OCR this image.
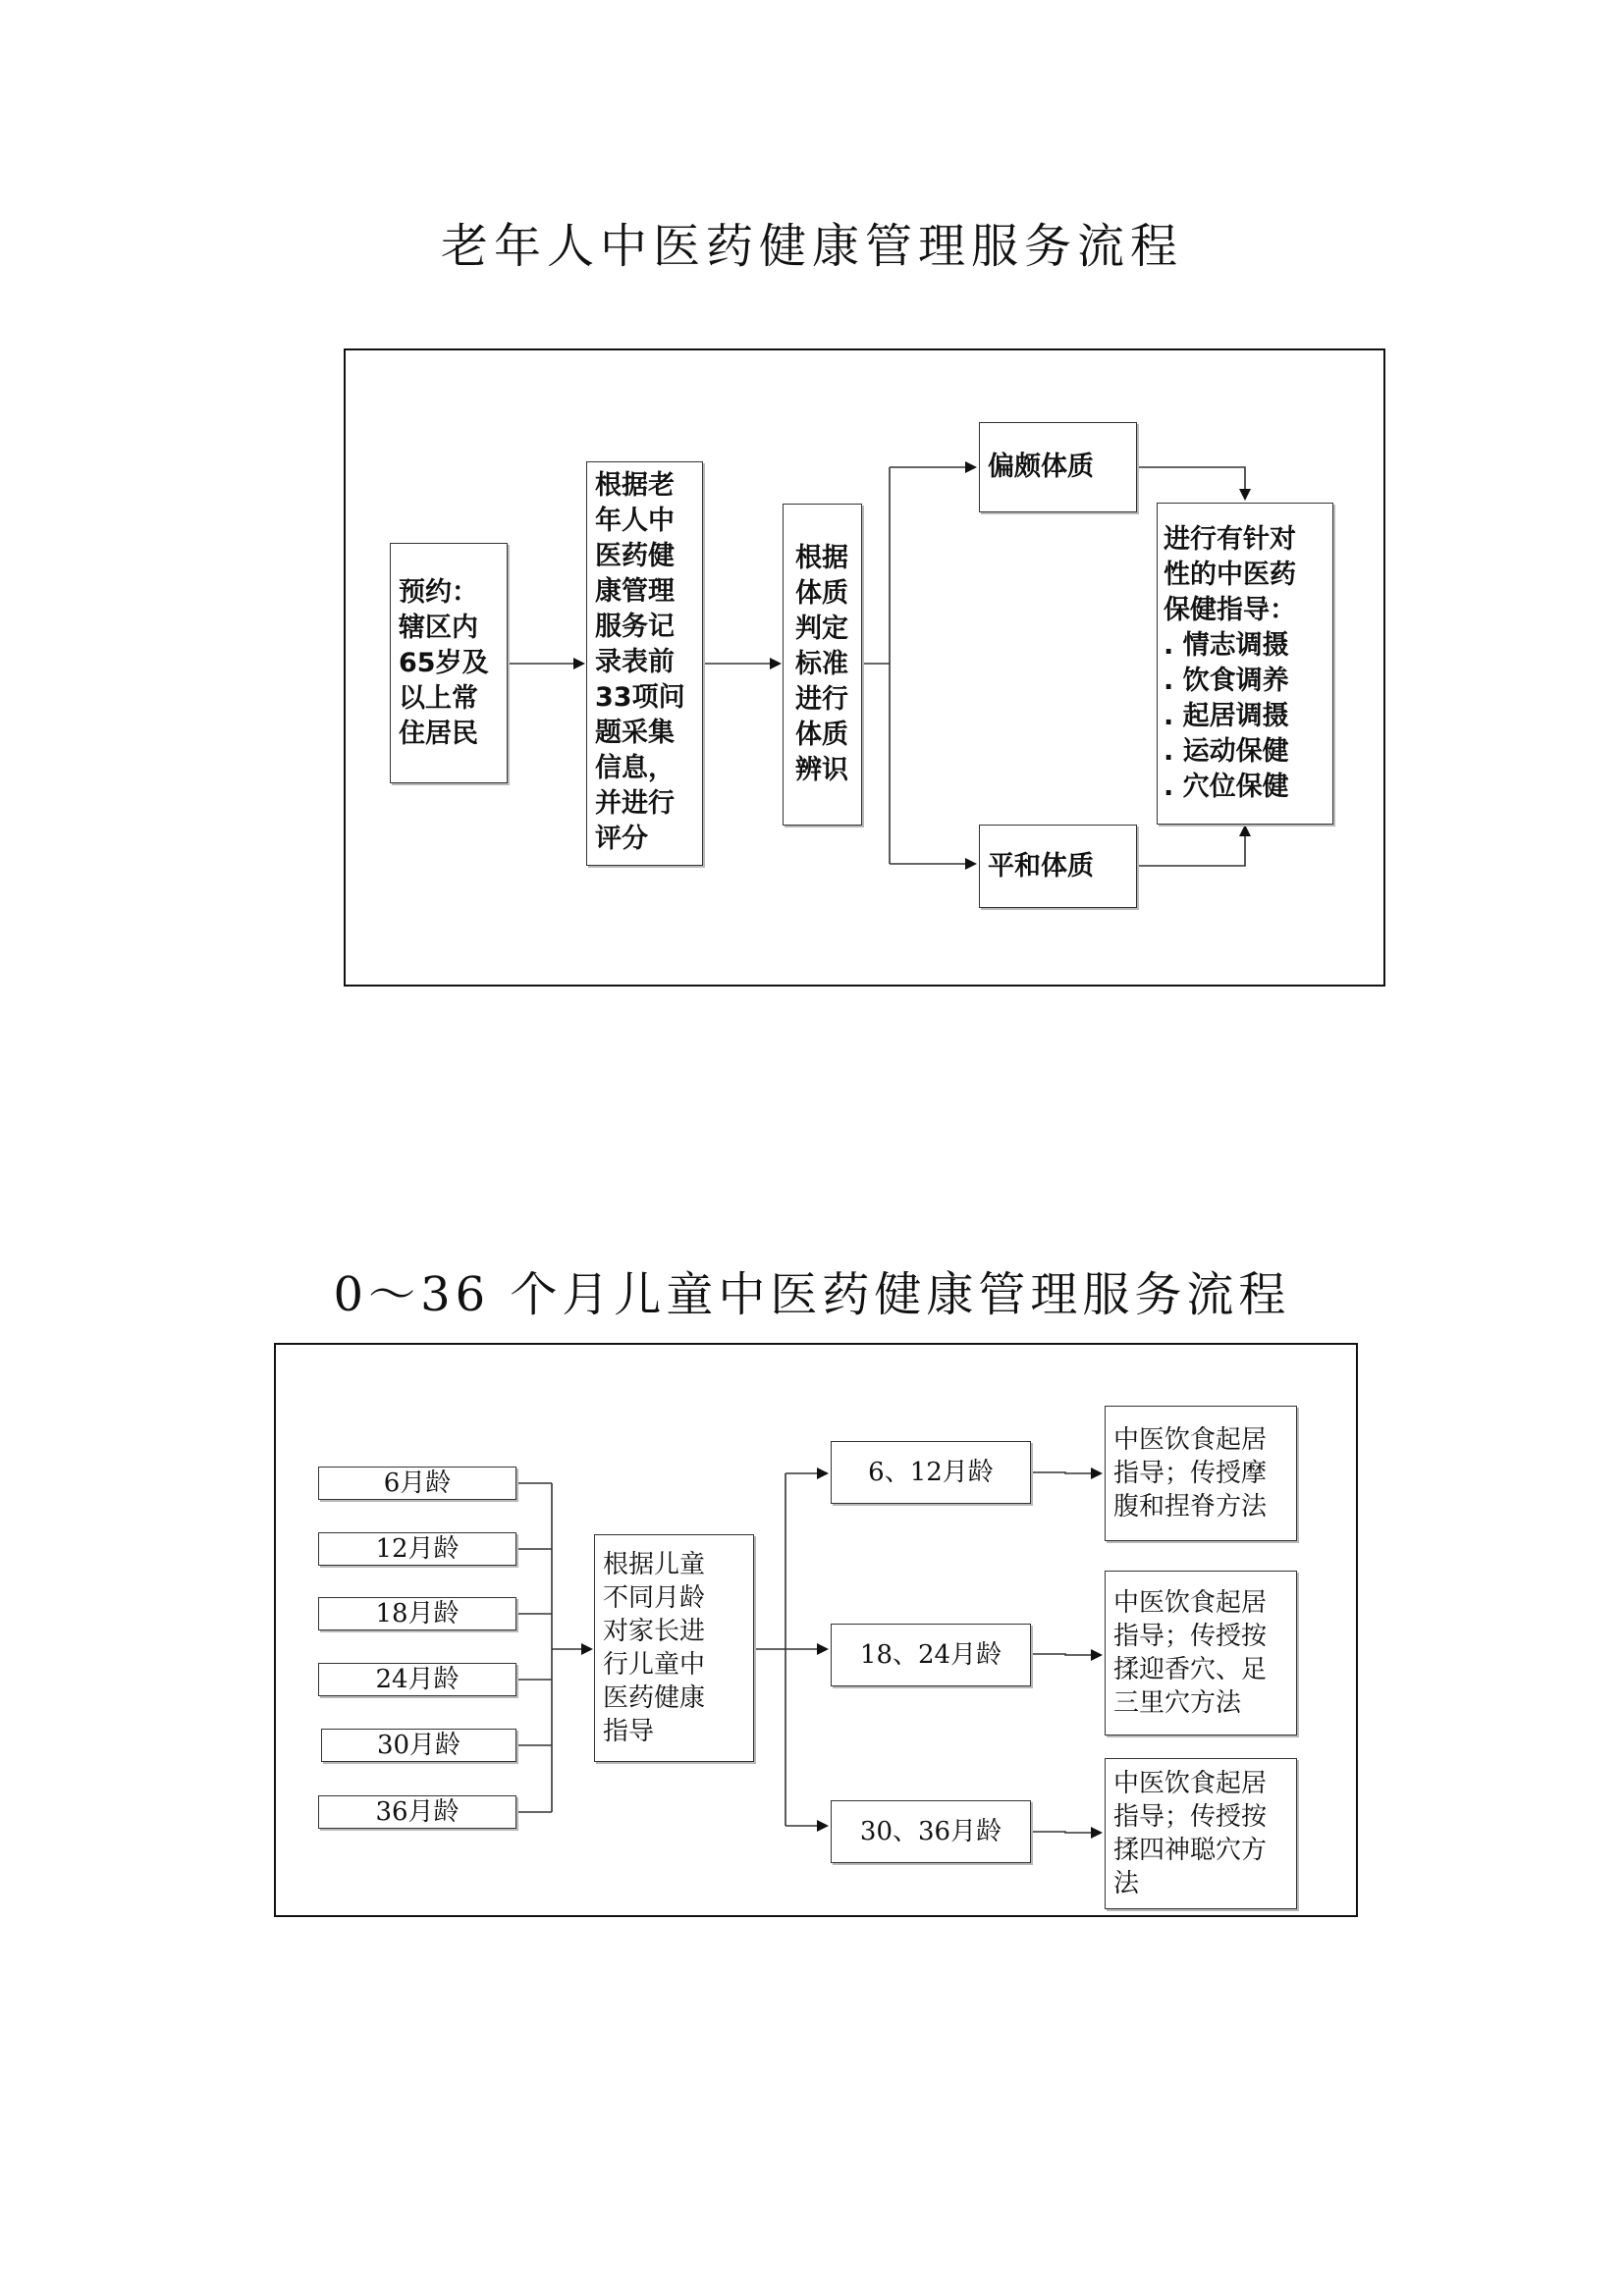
老年人中医药健康管理服务流程
0～36 个月儿童中医药健康管理服务流程
预约：
辖区内
65岁及
以上常
住居民
根据老
年人中
医药健
康管理
服务记
录表前
33项问
题采集
信息，
并进行
评分
根据
体质
判定
标准
进行
体质
辨识
偏颇体质
平和体质
进行有针对
性的中医药
保健指导：
. 情志调摄
. 饮食调养
. 起居调摄
. 运动保健
. 穴位保健
6月龄
12月龄
18月龄
24月龄
30月龄
36月龄
根据儿童
不同月龄
对家长进
行儿童中
医药健康
指导
6、12月龄
18、24月龄
30、36月龄
中医饮食起居
指导；传授摩
腹和捏脊方法
中医饮食起居
指导；传授按
揉迎香穴、足
三里穴方法
中医饮食起居
指导；传授按
揉四神聪穴方
法
